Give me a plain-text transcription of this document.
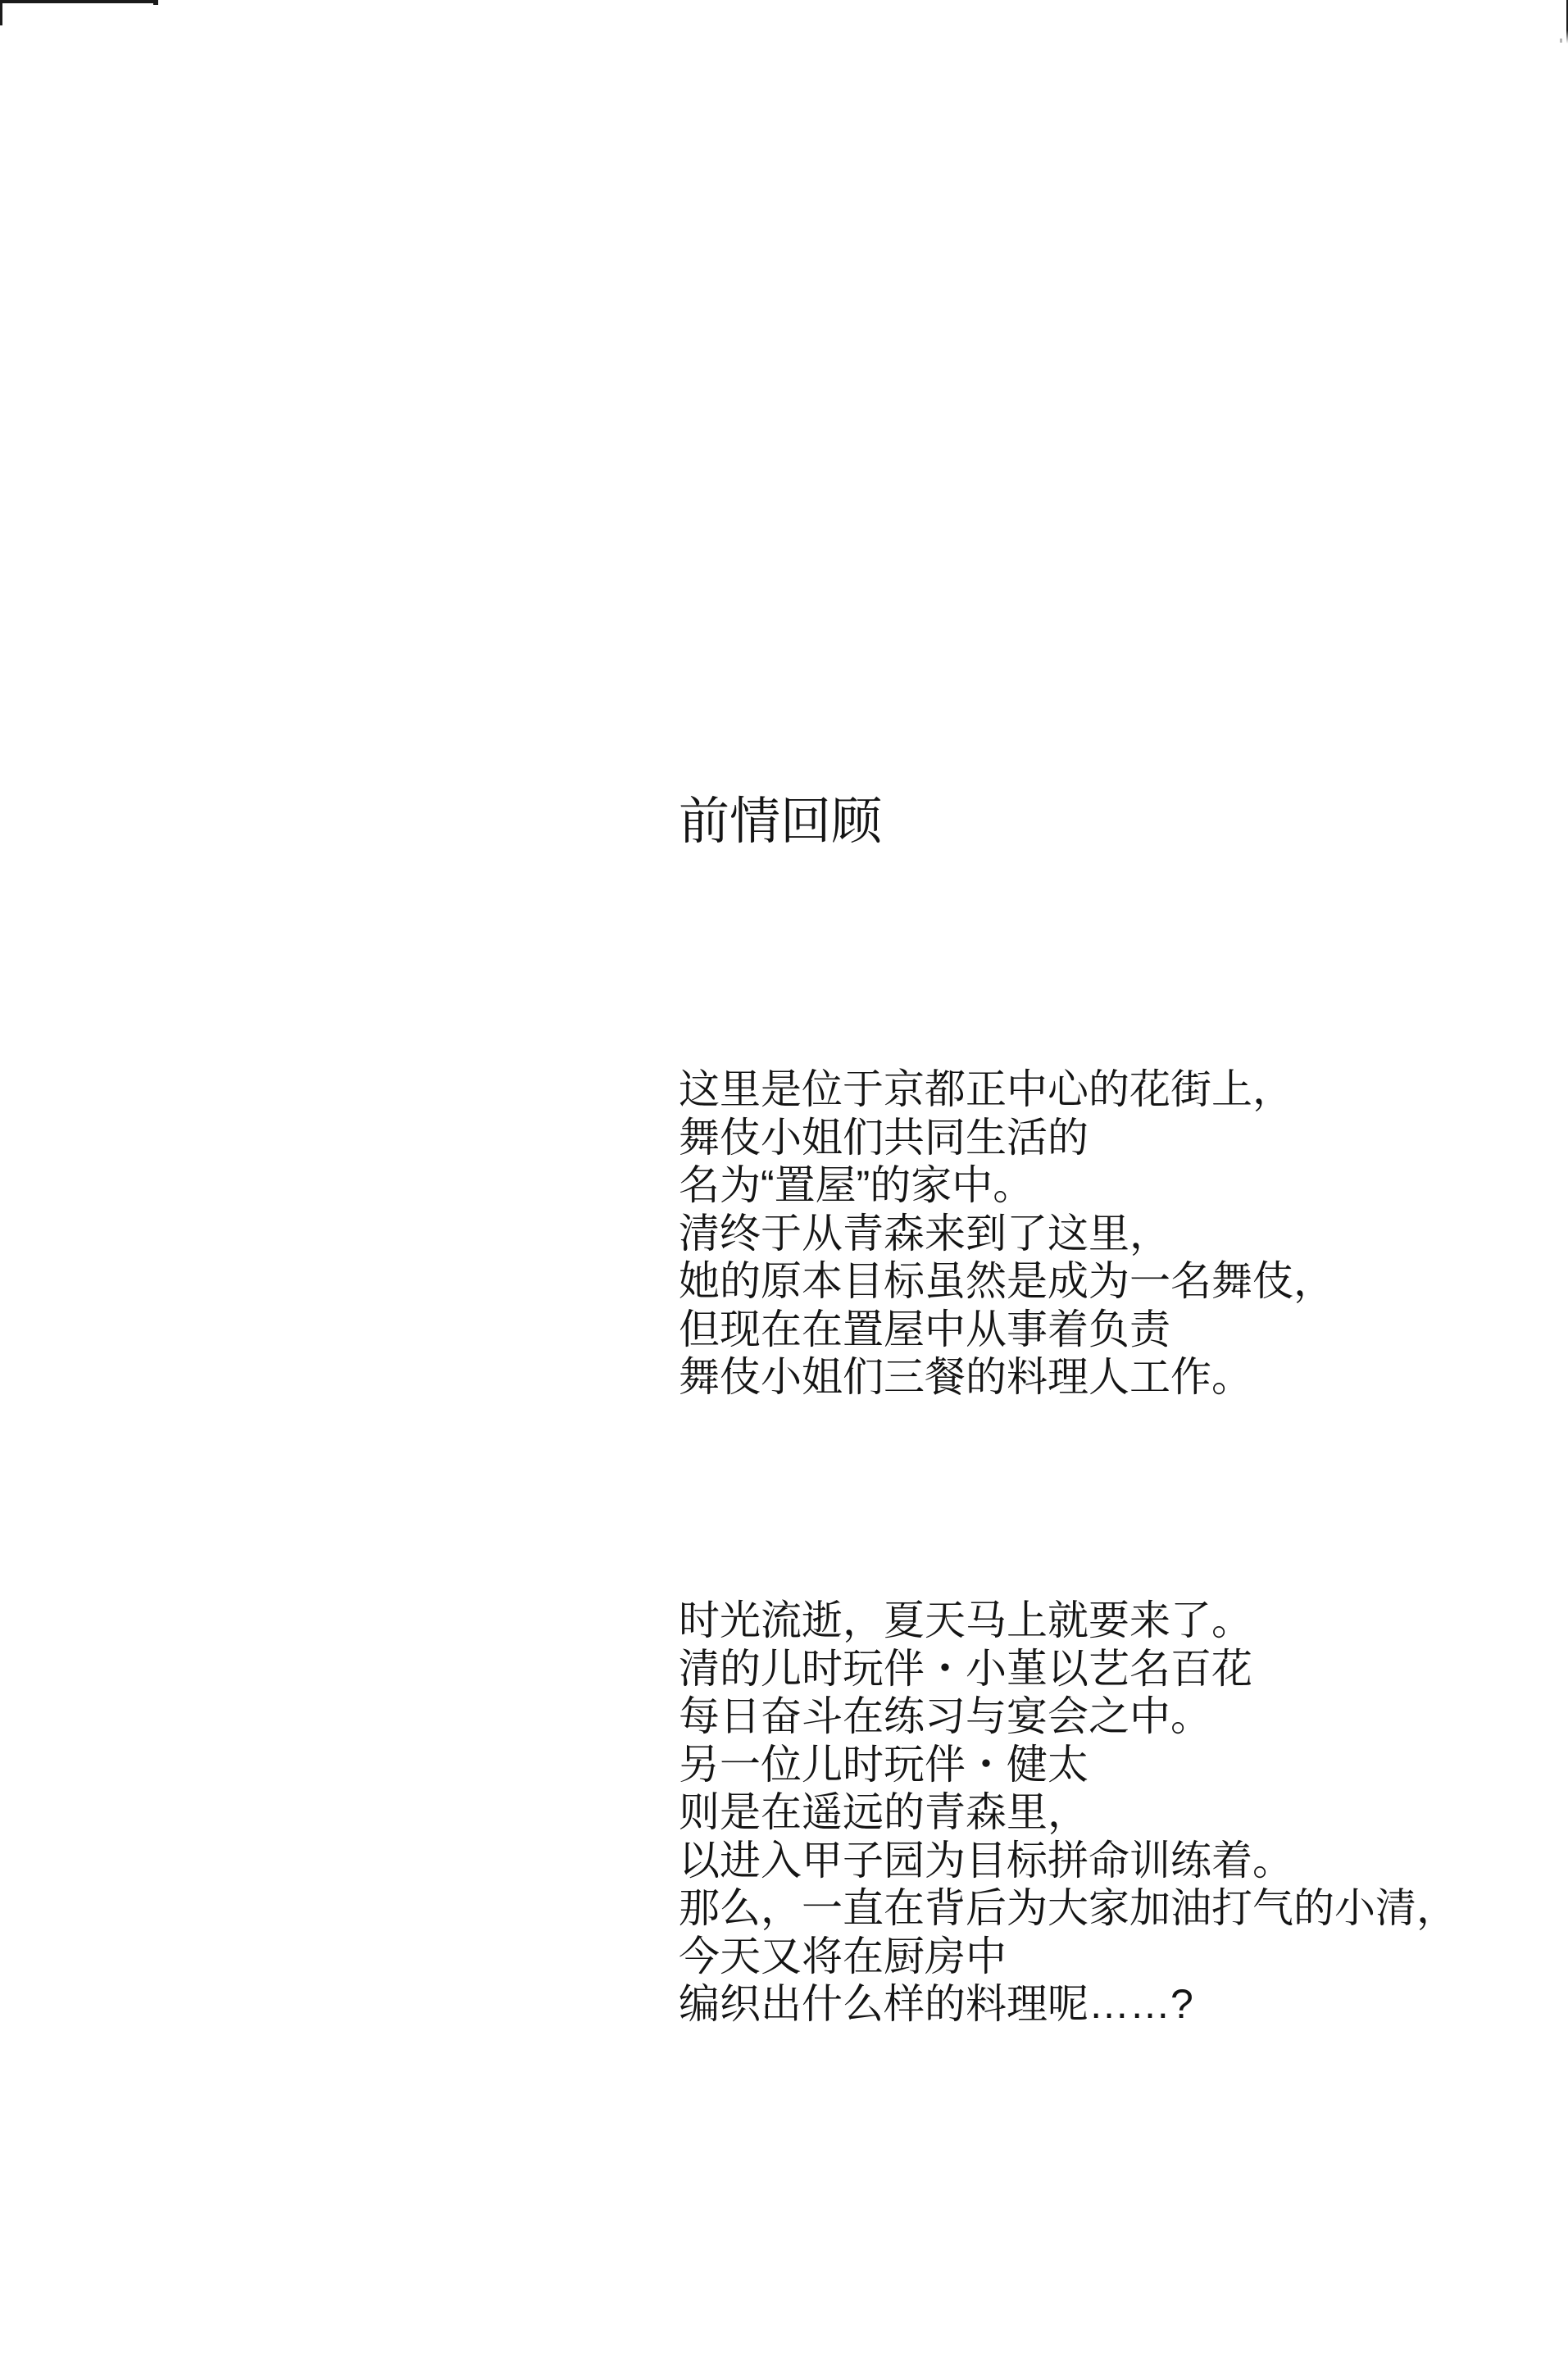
前情回顾
这里是位于京都正中心的花街上，
舞伎小姐们共同生活的
名为“置屋”的家中。
清终于从青森来到了这里，
她的原本目标虽然是成为一名舞伎，
但现在在置屋中从事着负责
舞伎小姐们三餐的料理人工作。
时光流逝，夏天马上就要来了。
清的儿时玩伴・小堇以艺名百花
每日奋斗在练习与宴会之中。
另一位儿时玩伴・健太
则是在遥远的青森里，
以进入甲子园为目标拼命训练着。
那么，一直在背后为大家加油打气的小清，
今天又将在厨房中
编织出什么样的料理呢……?
